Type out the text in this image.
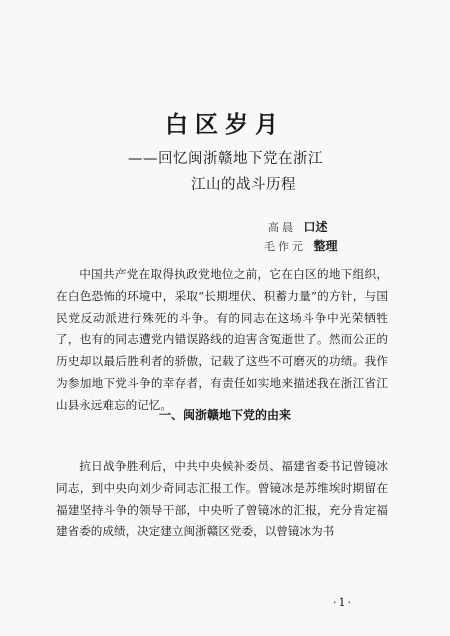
白区岁月
——回忆闽浙赣地下党在浙江
江山的战斗历程
高晨 口述
毛作元 整理

中国共产党在取得执政党地位之前，它在白区的地下组织，在白色恐怖的环境中，采取“长期埋伏、积蓄力量”的方针，与国民党反动派进行殊死的斗争。有的同志在这场斗争中光荣牺牲了，也有的同志遭党内错误路线的迫害含冤逝世了。然而公正的历史却以最后胜利者的骄傲，记载了这些不可磨灭的功绩。我作为参加地下党斗争的幸存者，有责任如实地来描述我在浙江省江山县永远难忘的记忆。

一、闽浙赣地下党的由来

抗日战争胜利后，中共中央候补委员、福建省委书记曾镜冰同志，到中央向刘少奇同志汇报工作。曾镜冰是苏维埃时期留在福建坚持斗争的领导干部，中央听了曾镜冰的汇报，充分肯定福建省委的成绩，决定建立闽浙赣区党委，以曾镜冰为书

·1·
